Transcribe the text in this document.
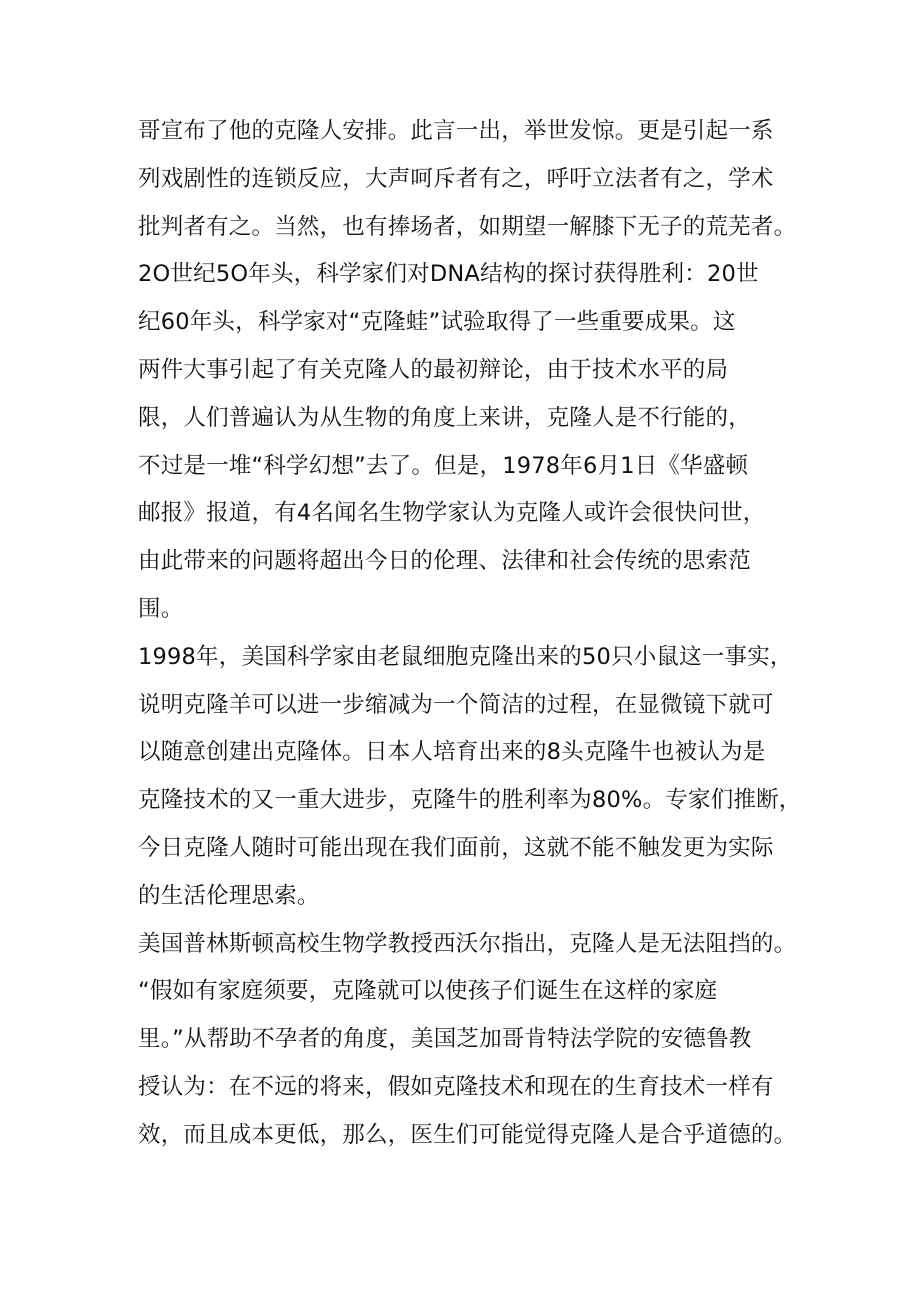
哥宣布了他的克隆人安排。此言一出，举世发惊。更是引起一系
列戏剧性的连锁反应，大声呵斥者有之，呼吁立法者有之，学术
批判者有之。当然，也有捧场者，如期望一解膝下无子的荒芜者。
2O世纪5O年头，科学家们对DNA结构的探讨获得胜利：20世
纪60年头，科学家对“克隆蛙”试验取得了一些重要成果。这
两件大事引起了有关克隆人的最初辩论，由于技术水平的局
限，人们普遍认为从生物的角度上来讲，克隆人是不行能的，
不过是一堆“科学幻想”去了。但是，1978年6月1日《华盛顿
邮报》报道，有4名闻名生物学家认为克隆人或许会很快问世，
由此带来的问题将超出今日的伦理、法律和社会传统的思索范
围。
1998年，美国科学家由老鼠细胞克隆出来的50只小鼠这一事实，
说明克隆羊可以进一步缩减为一个简洁的过程，在显微镜下就可
以随意创建出克隆体。日本人培育出来的8头克隆牛也被认为是
克隆技术的又一重大进步，克隆牛的胜利率为80%。专家们推断，
今日克隆人随时可能出现在我们面前，这就不能不触发更为实际
的生活伦理思索。
美国普林斯顿高校生物学教授西沃尔指出，克隆人是无法阻挡的。
“假如有家庭须要，克隆就可以使孩子们诞生在这样的家庭
里。”从帮助不孕者的角度，美国芝加哥肯特法学院的安德鲁教
授认为：在不远的将来，假如克隆技术和现在的生育技术一样有
效，而且成本更低，那么，医生们可能觉得克隆人是合乎道德的。
